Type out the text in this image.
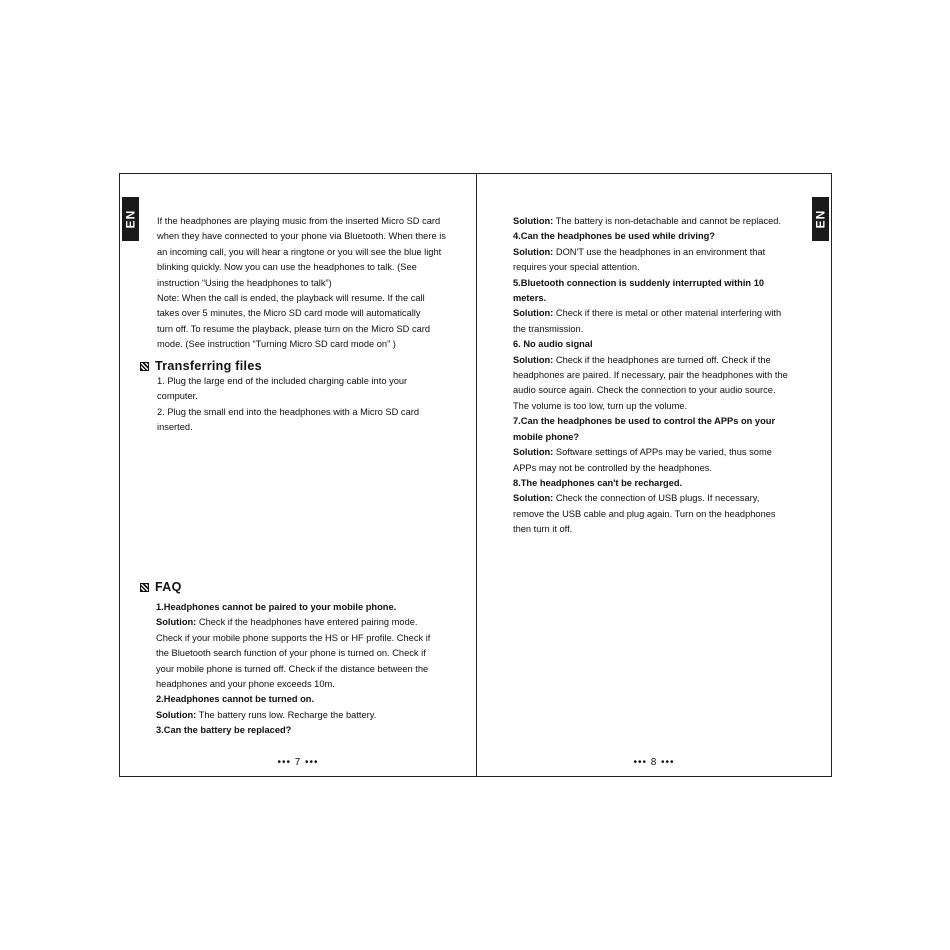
EN If the headphones are playing music from the inserted Micro SD card

when they have connected to your phone via Bluetooth. When there is

an incoming call, you will hear a ringtone or you will see the blue light

blinking quickly. Now you can use the headphones to talk. (See

instruction “Using the headphones to talk”)

Note: When the call is ended, the playback will resume. If the call

takes over 5 minutes, the Micro SD card mode will automatically

turn off. To resume the playback, please turn on the Micro SD card

mode. (See instruction “Turning Micro SD card mode on” )

Transferring files

1. Plug the large end of the included charging cable into your

computer.

2. Plug the small end into the headphones with a Micro SD card

inserted.

FAQ

1.Headphones cannot be paired to your mobile phone.

Solution: Check if the headphones have entered pairing mode.

Check if your mobile phone supports the HS or HF profile. Check if

the Bluetooth search function of your phone is turned on. Check if

your mobile phone is turned off. Check if the distance between the

headphones and your phone exceeds 10m.

2.Headphones cannot be turned on.

Solution: The battery runs low. Recharge the battery.

3.Can the battery be replaced?

••• 7 •••
EN

Solution: The battery is non-detachable and cannot be replaced.

4.Can the headphones be used while driving?

Solution: DON'T use the headphones in an environment that

requires your special attention.

5.Bluetooth connection is suddenly interrupted within 10

meters.

Solution: Check if there is metal or other material interfering with

the transmission.

6. No audio signal

Solution: Check if the headphones are turned off. Check if the

headphones are paired. If necessary, pair the headphones with the

audio source again. Check the connection to your audio source.

The volume is too low, turn up the volume.

7.Can the headphones be used to control the APPs on your

mobile phone?

Solution: Software settings of APPs may be varied, thus some

APPs may not be controlled by the headphones.

8.The headphones can't be recharged.

Solution: Check the connection of USB plugs. If necessary,

remove the USB cable and plug again. Turn on the headphones

then turn it off.

••• 8 •••
